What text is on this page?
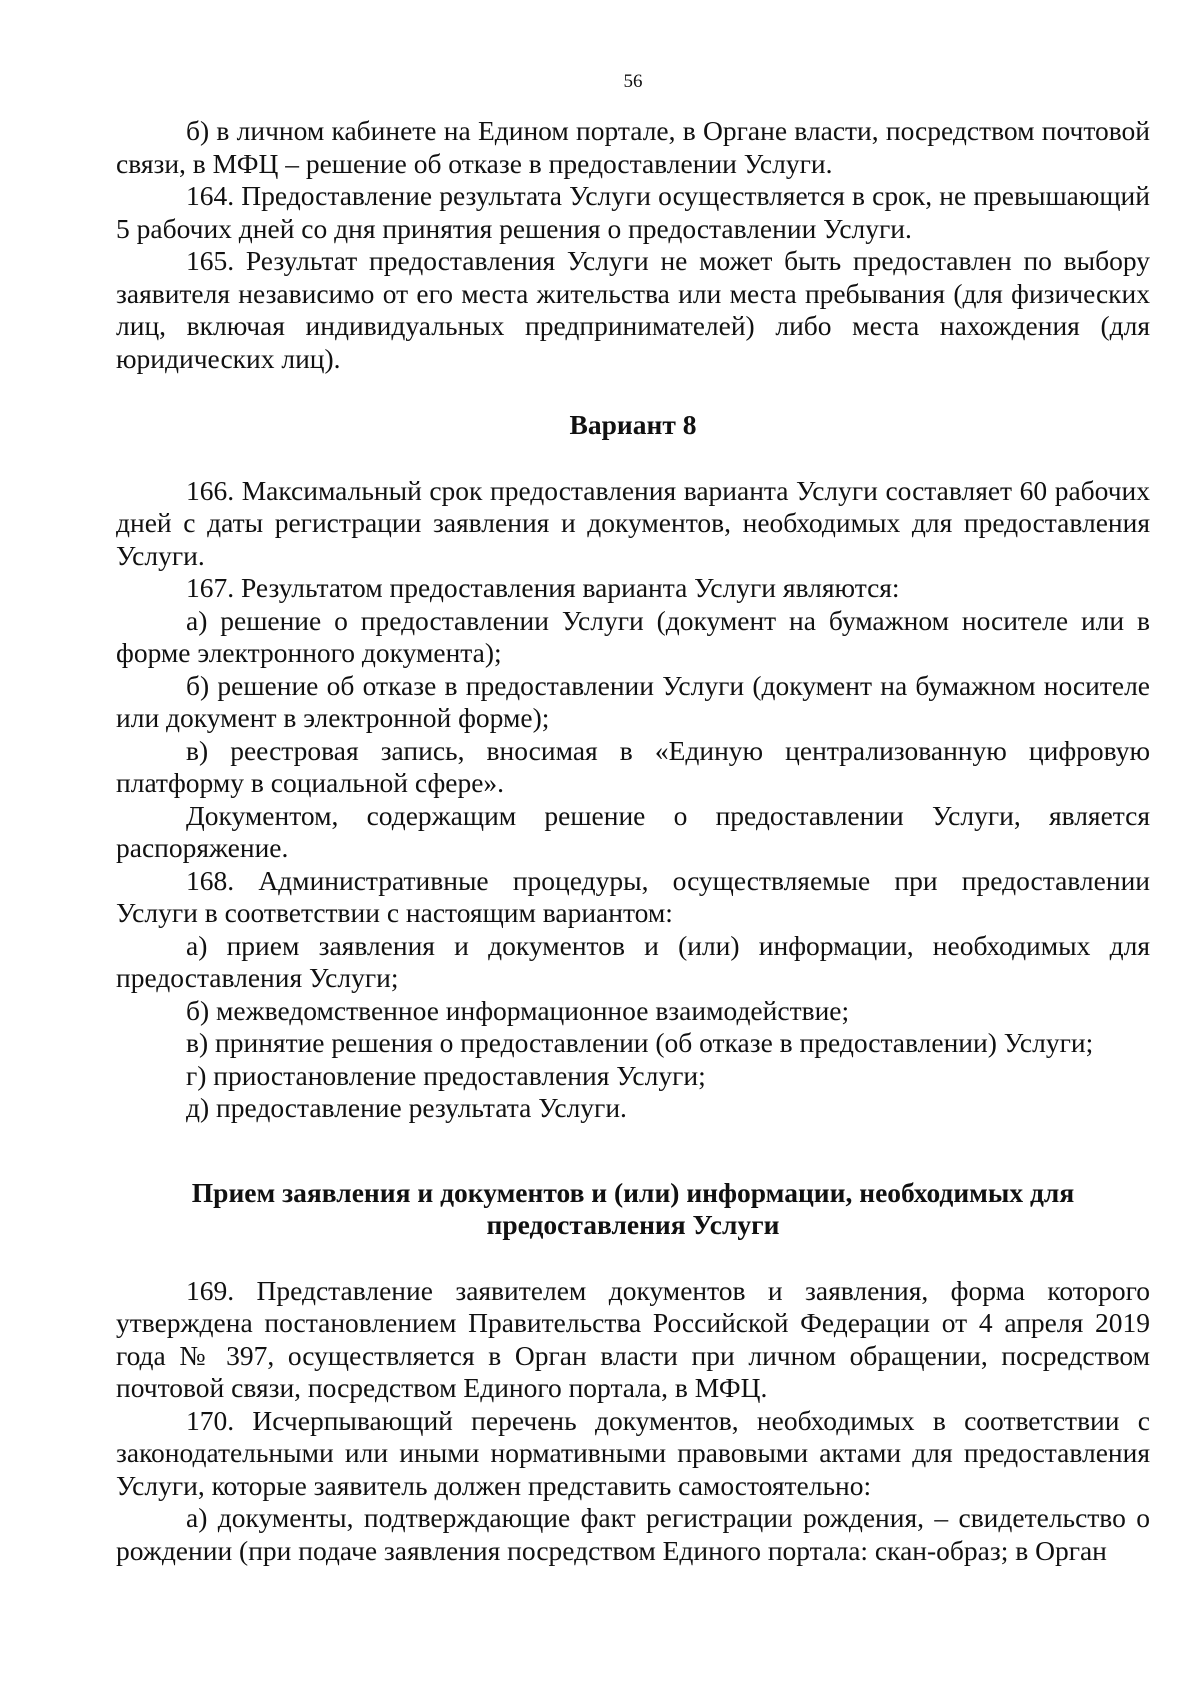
56

б) в личном кабинете на Едином портале, в Органе власти, посредством почтовой связи, в МФЦ – решение об отказе в предоставлении Услуги.

164. Предоставление результата Услуги осуществляется в срок, не превышающий 5 рабочих дней со дня принятия решения о предоставлении Услуги.

165. Результат предоставления Услуги не может быть предоставлен по выбору заявителя независимо от его места жительства или места пребывания (для физических лиц, включая индивидуальных предпринимателей) либо места нахождения (для юридических лиц).

Вариант 8

166. Максимальный срок предоставления варианта Услуги составляет 60 рабочих дней с даты регистрации заявления и документов, необходимых для предоставления Услуги.

167. Результатом предоставления варианта Услуги являются:

а) решение о предоставлении Услуги (документ на бумажном носителе или в форме электронного документа);

б) решение об отказе в предоставлении Услуги (документ на бумажном носителе или документ в электронной форме);

в) реестровая запись, вносимая в «Единую централизованную цифровую платформу в социальной сфере».

Документом, содержащим решение о предоставлении Услуги, является распоряжение.

168. Административные процедуры, осуществляемые при предоставлении Услуги в соответствии с настоящим вариантом:

а) прием заявления и документов и (или) информации, необходимых для предоставления Услуги;

б) межведомственное информационное взаимодействие;

в) принятие решения о предоставлении (об отказе в предоставлении) Услуги;

г) приостановление предоставления Услуги;

д) предоставление результата Услуги.

Прием заявления и документов и (или) информации, необходимых для предоставления Услуги

169. Представление заявителем документов и заявления, форма которого утверждена постановлением Правительства Российской Федерации от 4 апреля 2019 года № 397, осуществляется в Орган власти при личном обращении, посредством почтовой связи, посредством Единого портала, в МФЦ.

170. Исчерпывающий перечень документов, необходимых в соответствии с законодательными или иными нормативными правовыми актами для предоставления Услуги, которые заявитель должен представить самостоятельно:

а) документы, подтверждающие факт регистрации рождения, – свидетельство о рождении (при подаче заявления посредством Единого портала: скан-образ; в Орган
